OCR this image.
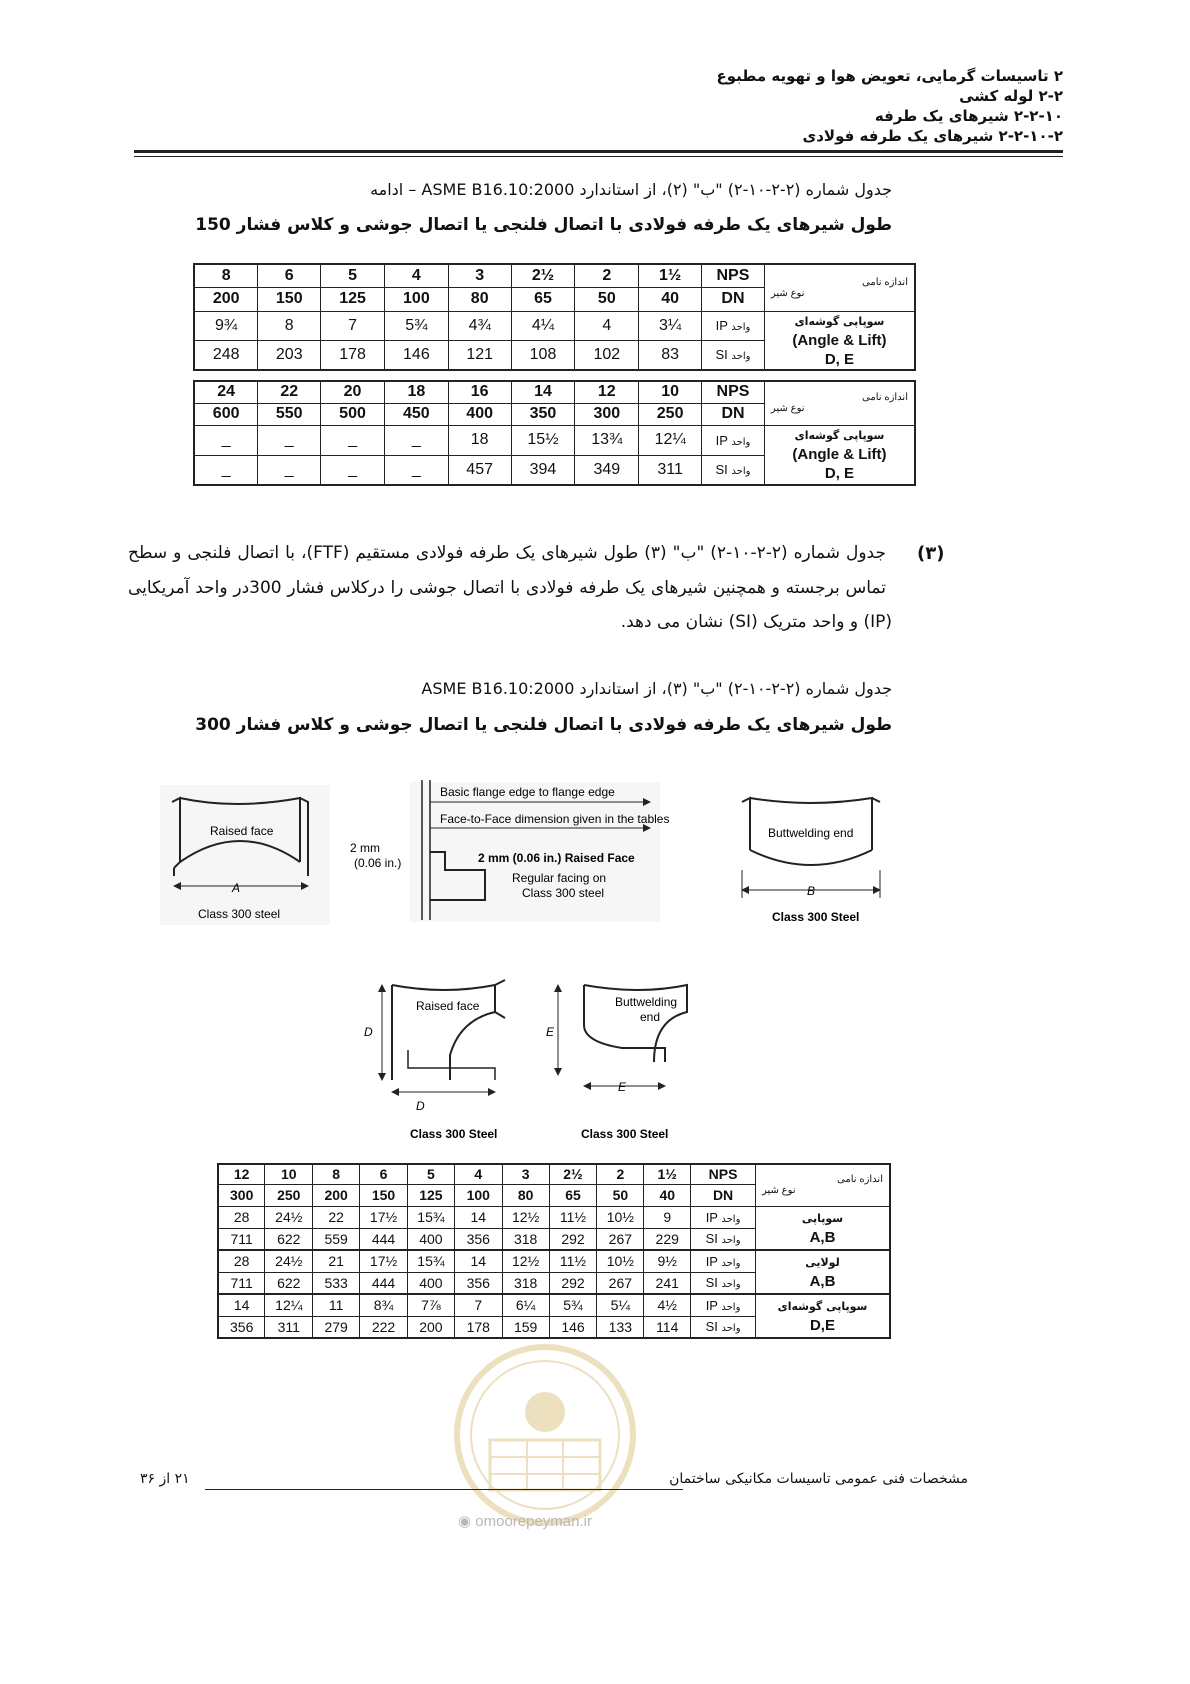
۲ تاسیسات گرمایی، تعویض هوا و تهویه مطبوع
۲-۲ لوله کشی
۲-۲-۱۰ شیرهای یک طرفه
۲-۲-۱۰-۲ شیرهای یک طرفه فولادی
جدول شماره (۲-۲-۱۰-۲) "ب" (۲)، از استاندارد ASME B16.10:2000 – ادامه
طول شیرهای یک طرفه فولادی با اتصال فلنجی یا اتصال جوشی و کلاس فشار 150
8	6	5	4	3	2½	2	1½	NPS	اندازه نامی
نوع شیر

200	150	125	100	80	65	50	40	DN	
9¾	8	7	5¾	4¾	4¼	4	3¼	IP واحد	سوپاپی گوشه‌ای
(Angle & Lift)
D, E

248	203	178	146	121	108	102	83	SI واحد	
24	22	20	18	16	14	12	10	NPS	اندازه نامی
نوع شیر

600	550	500	450	400	350	300	250	DN	
_	_	_	_	18	15½	13¾	12¼	IP واحد	سوپاپی گوشه‌ای
(Angle & Lift)
D, E

_	_	_	_	457	394	349	311	SI واحد	
(۳)
جدول شماره (۲-۲-۱۰-۲) "ب" (۳) طول شیرهای یک طرفه فولادی مستقیم (FTF)، با اتصال فلنجی و سطح
تماس برجسته و همچنین شیرهای یک طرفه فولادی با اتصال جوشی را درکلاس فشار 300در واحد آمریکایی
(IP) و واحد متریک (SI) نشان می دهد.
جدول شماره (۲-۲-۱۰-۲) "ب" (۳)، از استاندارد ASME B16.10:2000
طول شیرهای یک طرفه فولادی با اتصال فلنجی یا اتصال جوشی و کلاس فشار 300
Raised face
A
Class 300 steel
Basic flange edge to flange edge
Face-to-Face dimension given in the tables
2 mm
(0.06 in.)	2 mm (0.06 in.) Raised Face
Regular facing on
Class 300 steel
Buttwelding end
B
Class 300 Steel
Raised face
D
D
Class 300 Steel
Buttwelding
end
E
E
Class 300 Steel
12	10	8	6	5	4	3	2½	2	1½	NPS	اندازه نامی
نوع شیر

300	250	200	150	125	100	80	65	50	40	DN	
28	24½	22	17½	15¾	14	12½	11½	10½	9	IP واحد	سوپاپی
A,B

711	622	559	444	400	356	318	292	267	229	SI واحد	
28	24½	21	17½	15¾	14	12½	11½	10½	9½	IP واحد	لولایی
A,B

711	622	533	444	400	356	318	292	267	241	SI واحد	
14	12¼	11	8¾	7⅞	7	6¼	5¾	5¼	4½	IP واحد	سوپاپی گوشه‌ای
D,E

356	311	279	222	200	178	159	146	133	114	SI واحد	
مشخصات فنی عمومی تاسیسات مکانیکی ساختمان
۲۱ از ۳۶
◉ omoorepeyman.ir
